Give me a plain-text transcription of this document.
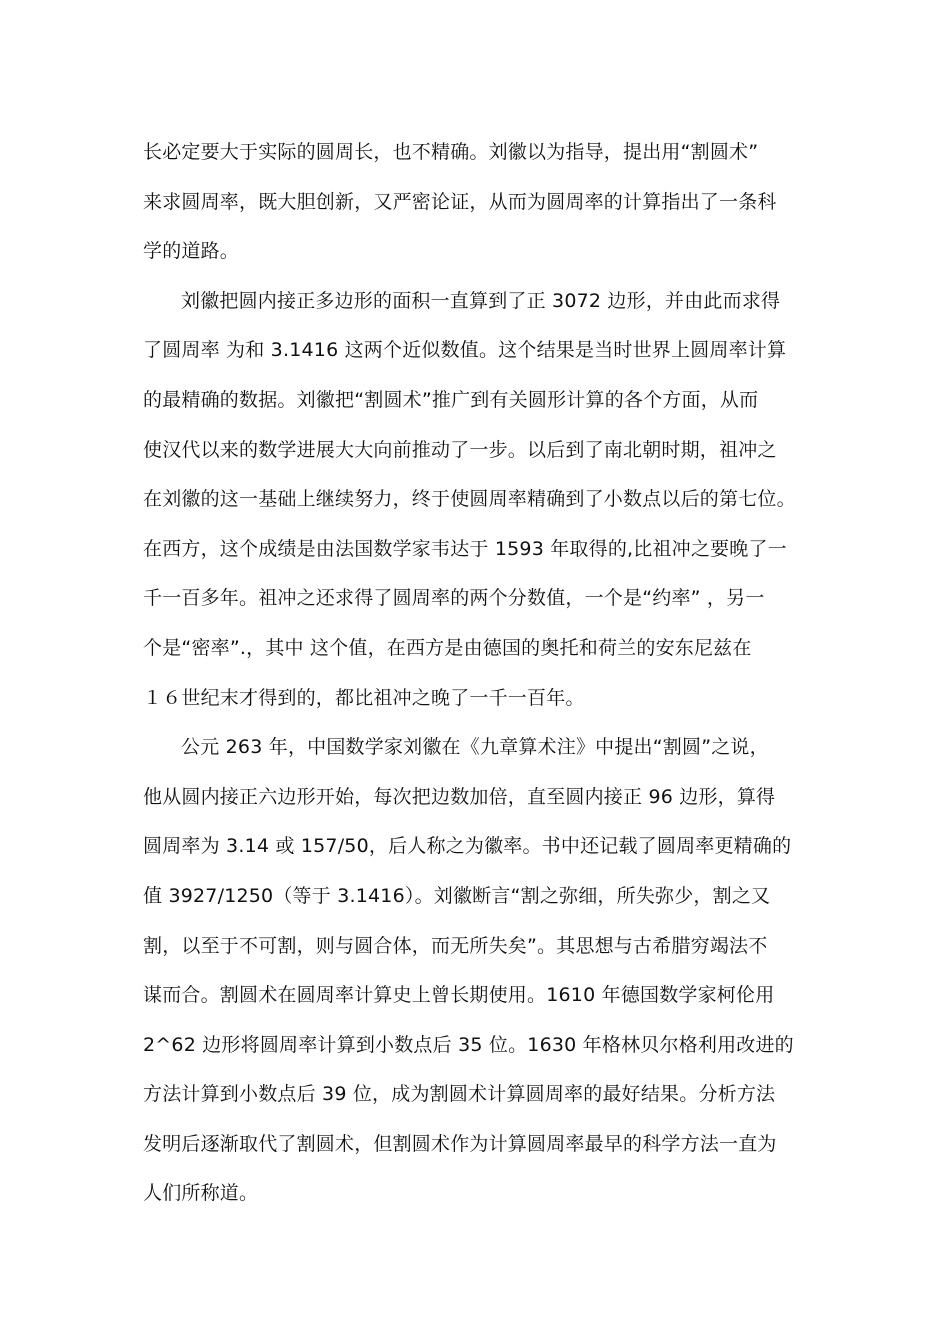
长必定要大于实际的圆周长，也不精确。刘徽以为指导，提出用“割圆术”
来求圆周率，既大胆创新，又严密论证，从而为圆周率的计算指出了一条科
学的道路。
刘徽把圆内接正多边形的面积一直算到了正 3072 边形，并由此而求得
了圆周率 为和 3.1416 这两个近似数值。这个结果是当时世界上圆周率计算
的最精确的数据。刘徽把“割圆术”推广到有关圆形计算的各个方面，从而
使汉代以来的数学进展大大向前推动了一步。以后到了南北朝时期，祖冲之
在刘徽的这一基础上继续努力，终于使圆周率精确到了小数点以后的第七位。
在西方，这个成绩是由法国数学家韦达于 1593 年取得的,比祖冲之要晚了一
千一百多年。祖冲之还求得了圆周率的两个分数值，一个是“约率” ，另一
个是“密率”.，其中 这个值，在西方是由德国的奥托和荷兰的安东尼兹在
１６世纪末才得到的，都比祖冲之晚了一千一百年。
公元 263 年，中国数学家刘徽在《九章算术注》中提出“割圆”之说，
他从圆内接正六边形开始，每次把边数加倍，直至圆内接正 96 边形，算得
圆周率为 3.14 或 157/50，后人称之为徽率。书中还记载了圆周率更精确的
值 3927/1250（等于 3.1416）。刘徽断言“割之弥细，所失弥少，割之又
割，以至于不可割，则与圆合体，而无所失矣”。其思想与古希腊穷竭法不
谋而合。割圆术在圆周率计算史上曾长期使用。1610 年德国数学家柯伦用
2^62 边形将圆周率计算到小数点后 35 位。1630 年格林贝尔格利用改进的
方法计算到小数点后 39 位，成为割圆术计算圆周率的最好结果。分析方法
发明后逐渐取代了割圆术，但割圆术作为计算圆周率最早的科学方法一直为
人们所称道。
